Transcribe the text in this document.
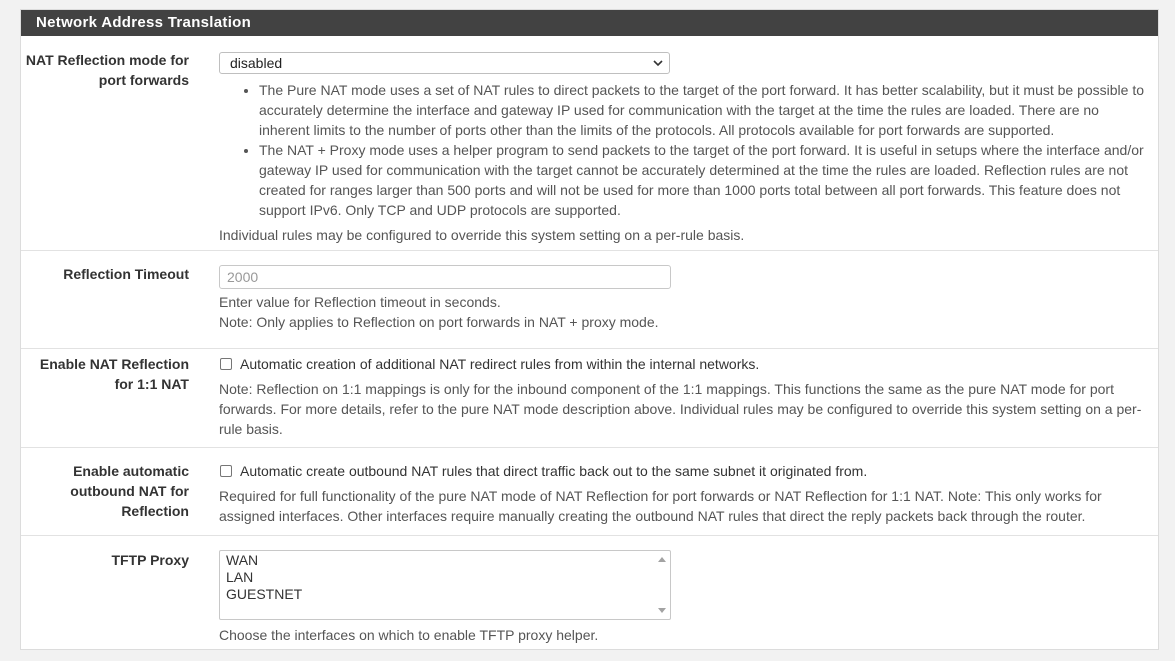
Network Address Translation
NAT Reflection mode for port forwards
disabled
• The Pure NAT mode uses a set of NAT rules to direct packets to the target of the port forward. It has better scalability, but it must be possible to accurately determine the interface and gateway IP used for communication with the target at the time the rules are loaded. There are no inherent limits to the number of ports other than the limits of the protocols. All protocols available for port forwards are supported.
• The NAT + Proxy mode uses a helper program to send packets to the target of the port forward. It is useful in setups where the interface and/or gateway IP used for communication with the target cannot be accurately determined at the time the rules are loaded. Reflection rules are not created for ranges larger than 500 ports and will not be used for more than 1000 ports total between all port forwards. This feature does not support IPv6. Only TCP and UDP protocols are supported.
Individual rules may be configured to override this system setting on a per-rule basis.
Reflection Timeout	2000
Enter value for Reflection timeout in seconds.
Note: Only applies to Reflection on port forwards in NAT + proxy mode.
Enable NAT Reflection for 1:1 NAT
Automatic creation of additional NAT redirect rules from within the internal networks.
Note: Reflection on 1:1 mappings is only for the inbound component of the 1:1 mappings. This functions the same as the pure NAT mode for port forwards. For more details, refer to the pure NAT mode description above. Individual rules may be configured to override this system setting on a per-rule basis.
Enable automatic outbound NAT for Reflection
Automatic create outbound NAT rules that direct traffic back out to the same subnet it originated from.
Required for full functionality of the pure NAT mode of NAT Reflection for port forwards or NAT Reflection for 1:1 NAT. Note: This only works for assigned interfaces. Other interfaces require manually creating the outbound NAT rules that direct the reply packets back through the router.
TFTP Proxy	WAN
LAN
GUESTNET
Choose the interfaces on which to enable TFTP proxy helper.
